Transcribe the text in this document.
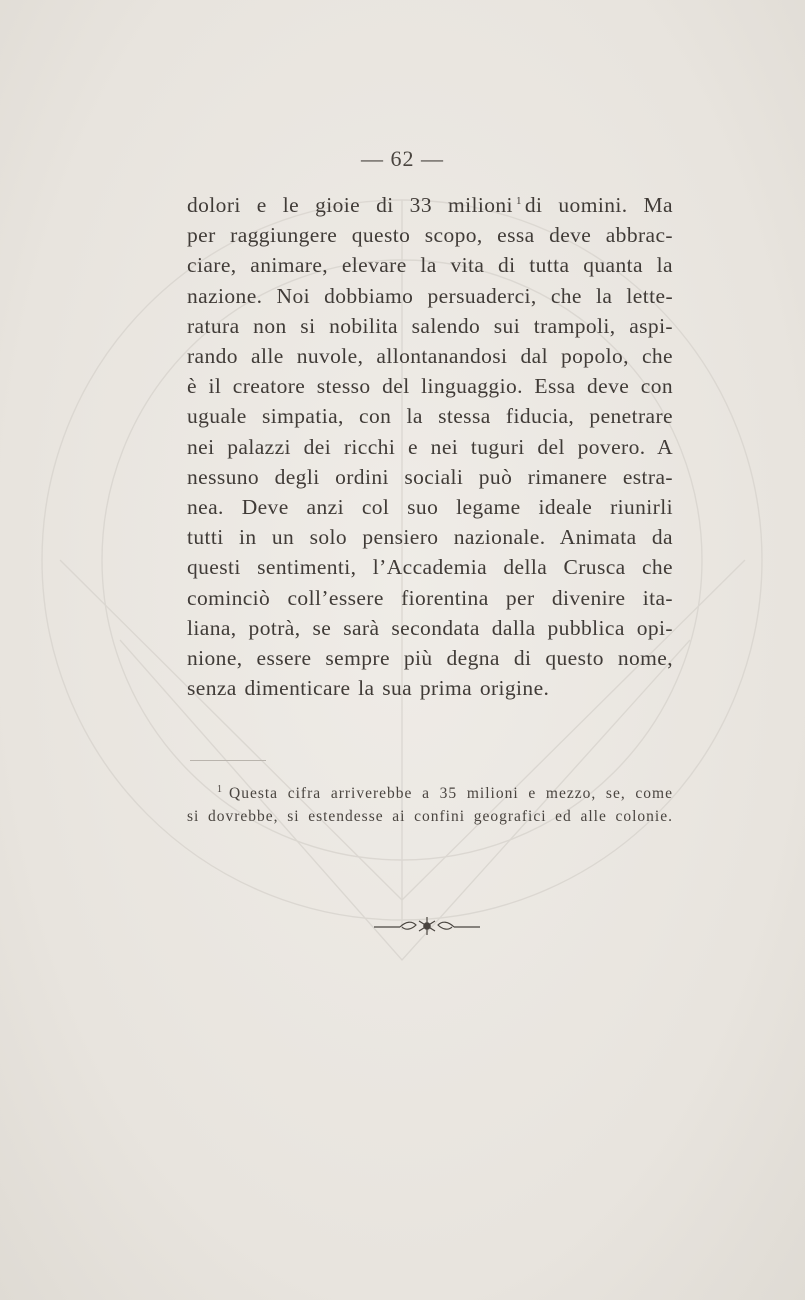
— 62 —
dolori e le gioie di 33 milioni $^1$ di uomini. Ma
per raggiungere questo scopo, essa deve abbrac-
ciare, animare, elevare la vita di tutta quanta la
nazione. Noi dobbiamo persuaderci, che la lette-
ratura non si nobilita salendo sui trampoli, aspi-
rando alle nuvole, allontanandosi dal popolo, che
è il creatore stesso del linguaggio. Essa deve con
uguale simpatia, con la stessa fiducia, penetrare
nei palazzi dei ricchi e nei tuguri del povero. A
nessuno degli ordini sociali può rimanere estra-
nea. Deve anzi col suo legame ideale riunirli
tutti in un solo pensiero nazionale. Animata da
questi sentimenti, l’Accademia della Crusca che
cominciò coll’essere fiorentina per divenire ita-
liana, potrà, se sarà secondata dalla pubblica opi-
nione, essere sempre più degna di questo nome,
senza dimenticare la sua prima origine.
$^1$ Questa cifra arriverebbe a 35 milioni e mezzo, se, come
si dovrebbe, si estendesse ai confini geografici ed alle colonie.
